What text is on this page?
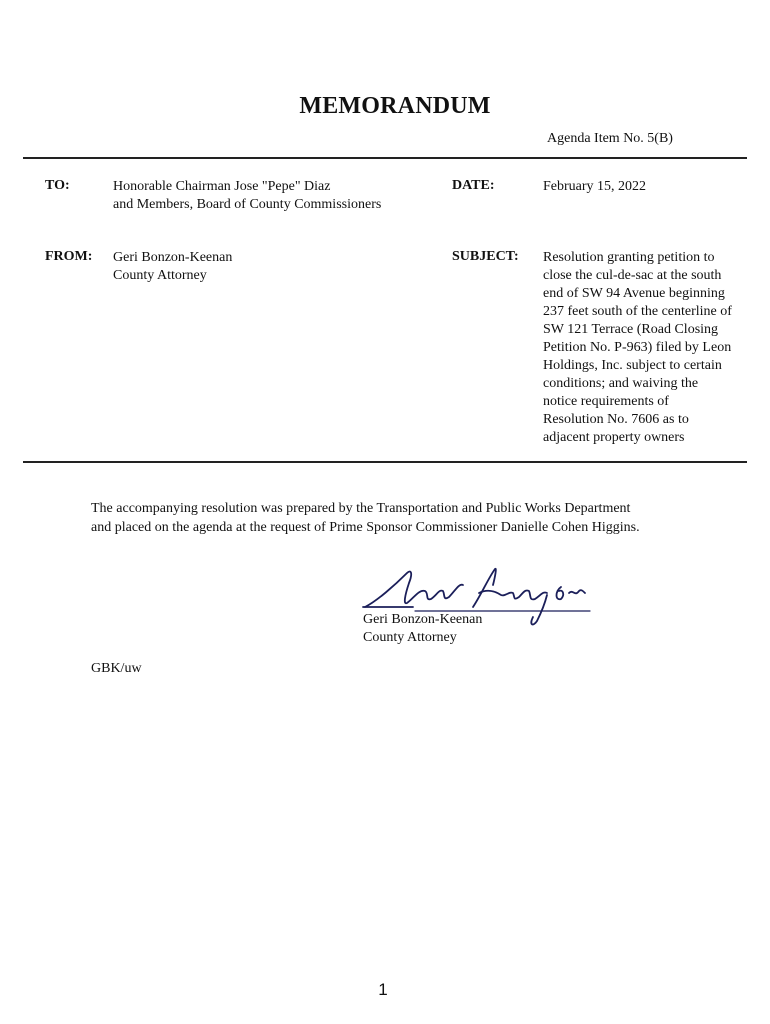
MEMORANDUM
Agenda Item No. 5(B)
TO:	Honorable Chairman Jose "Pepe" Diaz
and Members, Board of County Commissioners
DATE:	February 15, 2022
FROM: Geri Bonzon-Keenan
County Attorney
SUBJECT: Resolution granting petition to
close the cul-de-sac at the south
end of SW 94 Avenue beginning
237 feet south of the centerline of
SW 121 Terrace (Road Closing
Petition No. P-963) filed by Leon
Holdings, Inc. subject to certain
conditions; and waiving the
notice requirements of
Resolution No. 7606 as to
adjacent property owners
The accompanying resolution was prepared by the Transportation and Public Works Department
and placed on the agenda at the request of Prime Sponsor Commissioner Danielle Cohen Higgins.
Geri Bonzon-Keenan
County Attorney
GBK/uw
1
